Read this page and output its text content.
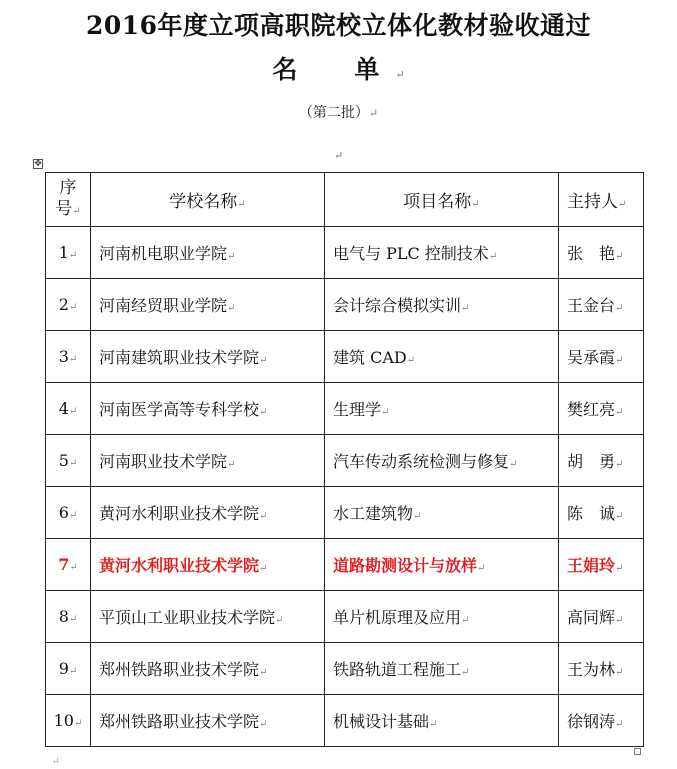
2016年度立项高职院校立体化教材验收通过
名　单↵
（第二批）↵
↵
✥
序
号↵	学校名称↵	项目名称↵	主持人↵
1↵	河南机电职业学院↵	电气与 PLC 控制技术↵	张　艳↵
2↵	河南经贸职业学院↵	会计综合模拟实训↵	王金台↵
3↵	河南建筑职业技术学院↵	建筑 CAD↵	吴承霞↵
4↵	河南医学高等专科学校↵	生理学↵	樊红亮↵
5↵	河南职业技术学院↵	汽车传动系统检测与修复↵	胡　勇↵
6↵	黄河水利职业技术学院↵	水工建筑物↵	陈　诚↵
7↵	黄河水利职业技术学院↵	道路勘测设计与放样↵	王娟玲↵
8↵	平顶山工业职业技术学院↵	单片机原理及应用↵	高同辉↵
9↵	郑州铁路职业技术学院↵	铁路轨道工程施工↵	王为林↵
10↵	郑州铁路职业技术学院↵	机械设计基础↵	徐钢涛↵
↵
